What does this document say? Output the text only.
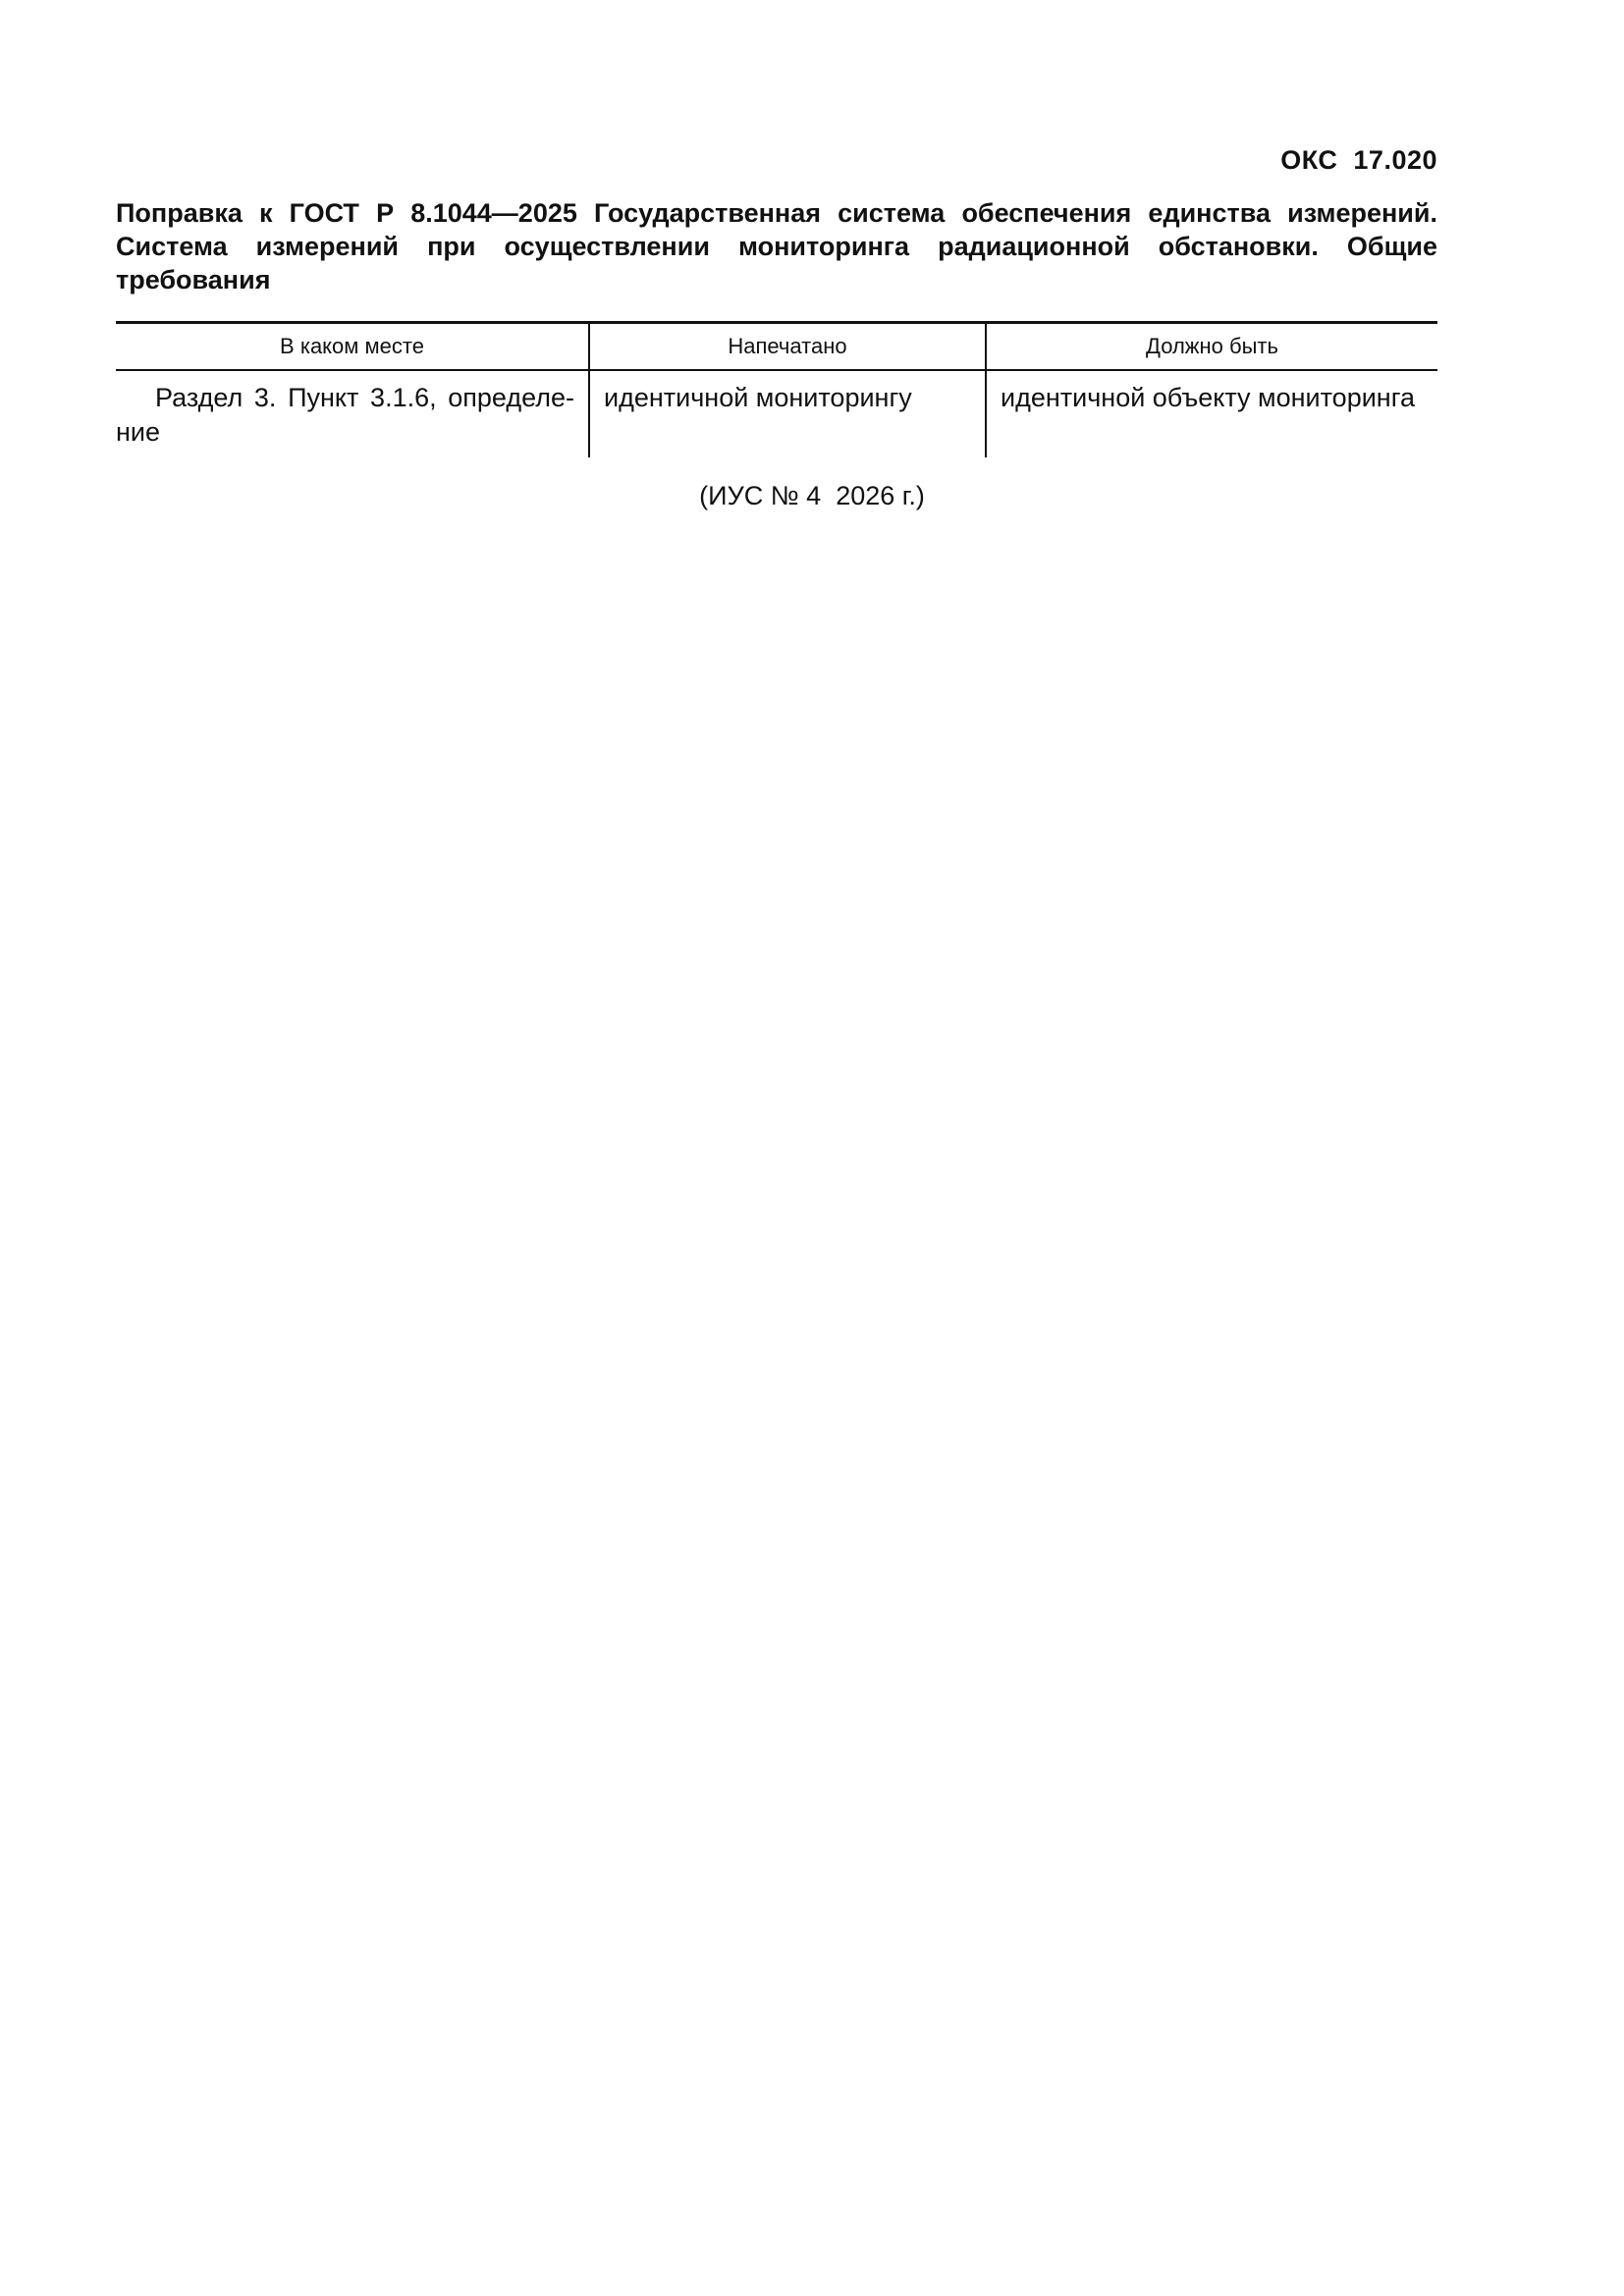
ОКС  17.020
Поправка к ГОСТ Р 8.1044—2025 Государственная система обеспечения единства измерений. Система измерений при осуществлении мониторинга радиационной обстановки. Общие требования
В каком месте	Напечатано	Должно быть
Раздел 3. Пункт 3.1.6, определение	идентичной мониторингу	идентичной объекту мониторинга
(ИУС № 4  2026 г.)
